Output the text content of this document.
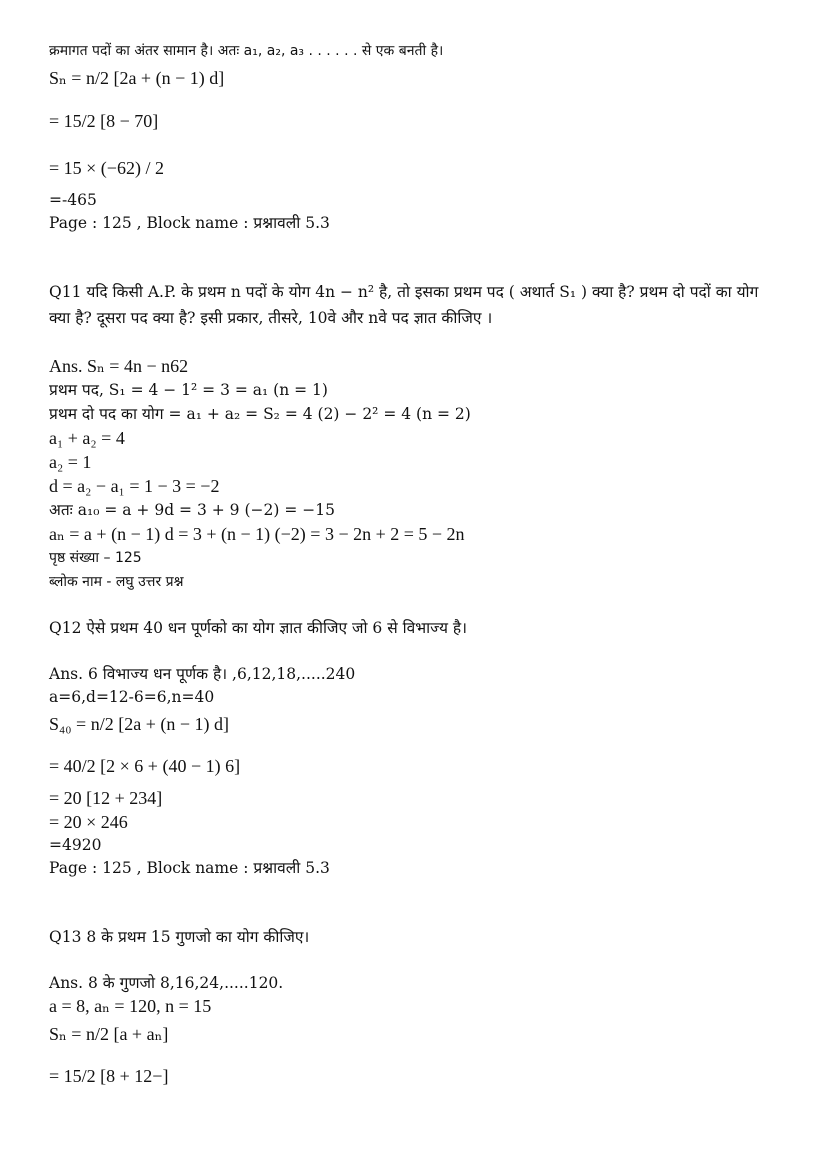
क्रमागत पदों का अंतर सामान है। अतः a₁, a₂, a₃ . . . . . . से एक बनती है।
Sₙ = n/2 [2a + (n − 1) d]
= 15/2 [8 − 70]
= 15 × (−62) / 2
=-465
Page : 125 , Block name : प्रश्नावली 5.3
Q11 यदि किसी A.P. के प्रथम n पदों के योग 4n − n² है, तो इसका प्रथम पद ( अथार्त S₁ ) क्या है? प्रथम दो पदों का योग
क्या है? दूसरा पद क्या है? इसी प्रकार, तीसरे, 10वे और nवे पद ज्ञात कीजिए ।
Ans. Sₙ = 4n − n62
प्रथम पद, S₁ = 4 − 1² = 3 = a₁ (n = 1)
प्रथम दो पद का योग = a₁ + a₂ = S₂ = 4 (2) − 2² = 4 (n = 2)
a₁ + a₂ = 4
a₂ = 1
d = a₂ − a₁ = 1 − 3 = −2
अतः a₁₀ = a + 9d = 3 + 9 (−2) = −15
aₙ = a + (n − 1) d = 3 + (n − 1) (−2) = 3 − 2n + 2 = 5 − 2n
पृष्ठ संख्या – 125
ब्लोक नाम - लघु उत्तर प्रश्न
Q12 ऐसे प्रथम 40 धन पूर्णको का योग ज्ञात कीजिए जो 6 से विभाज्य है।
Ans. 6 विभाज्य धन पूर्णक है। ,6,12,18,.....240
a=6,d=12-6=6,n=40
S₄₀ = n/2 [2a + (n − 1) d]
= 40/2 [2 × 6 + (40 − 1) 6]
= 20 [12 + 234]
= 20 × 246
=4920
Page : 125 , Block name : प्रश्नावली 5.3
Q13 8 के प्रथम 15 गुणजो का योग कीजिए।
Ans. 8 के गुणजो 8,16,24,.....120.
a = 8, aₙ = 120, n = 15
Sₙ = n/2 [a + aₙ]
= 15/2 [8 + 12−]
